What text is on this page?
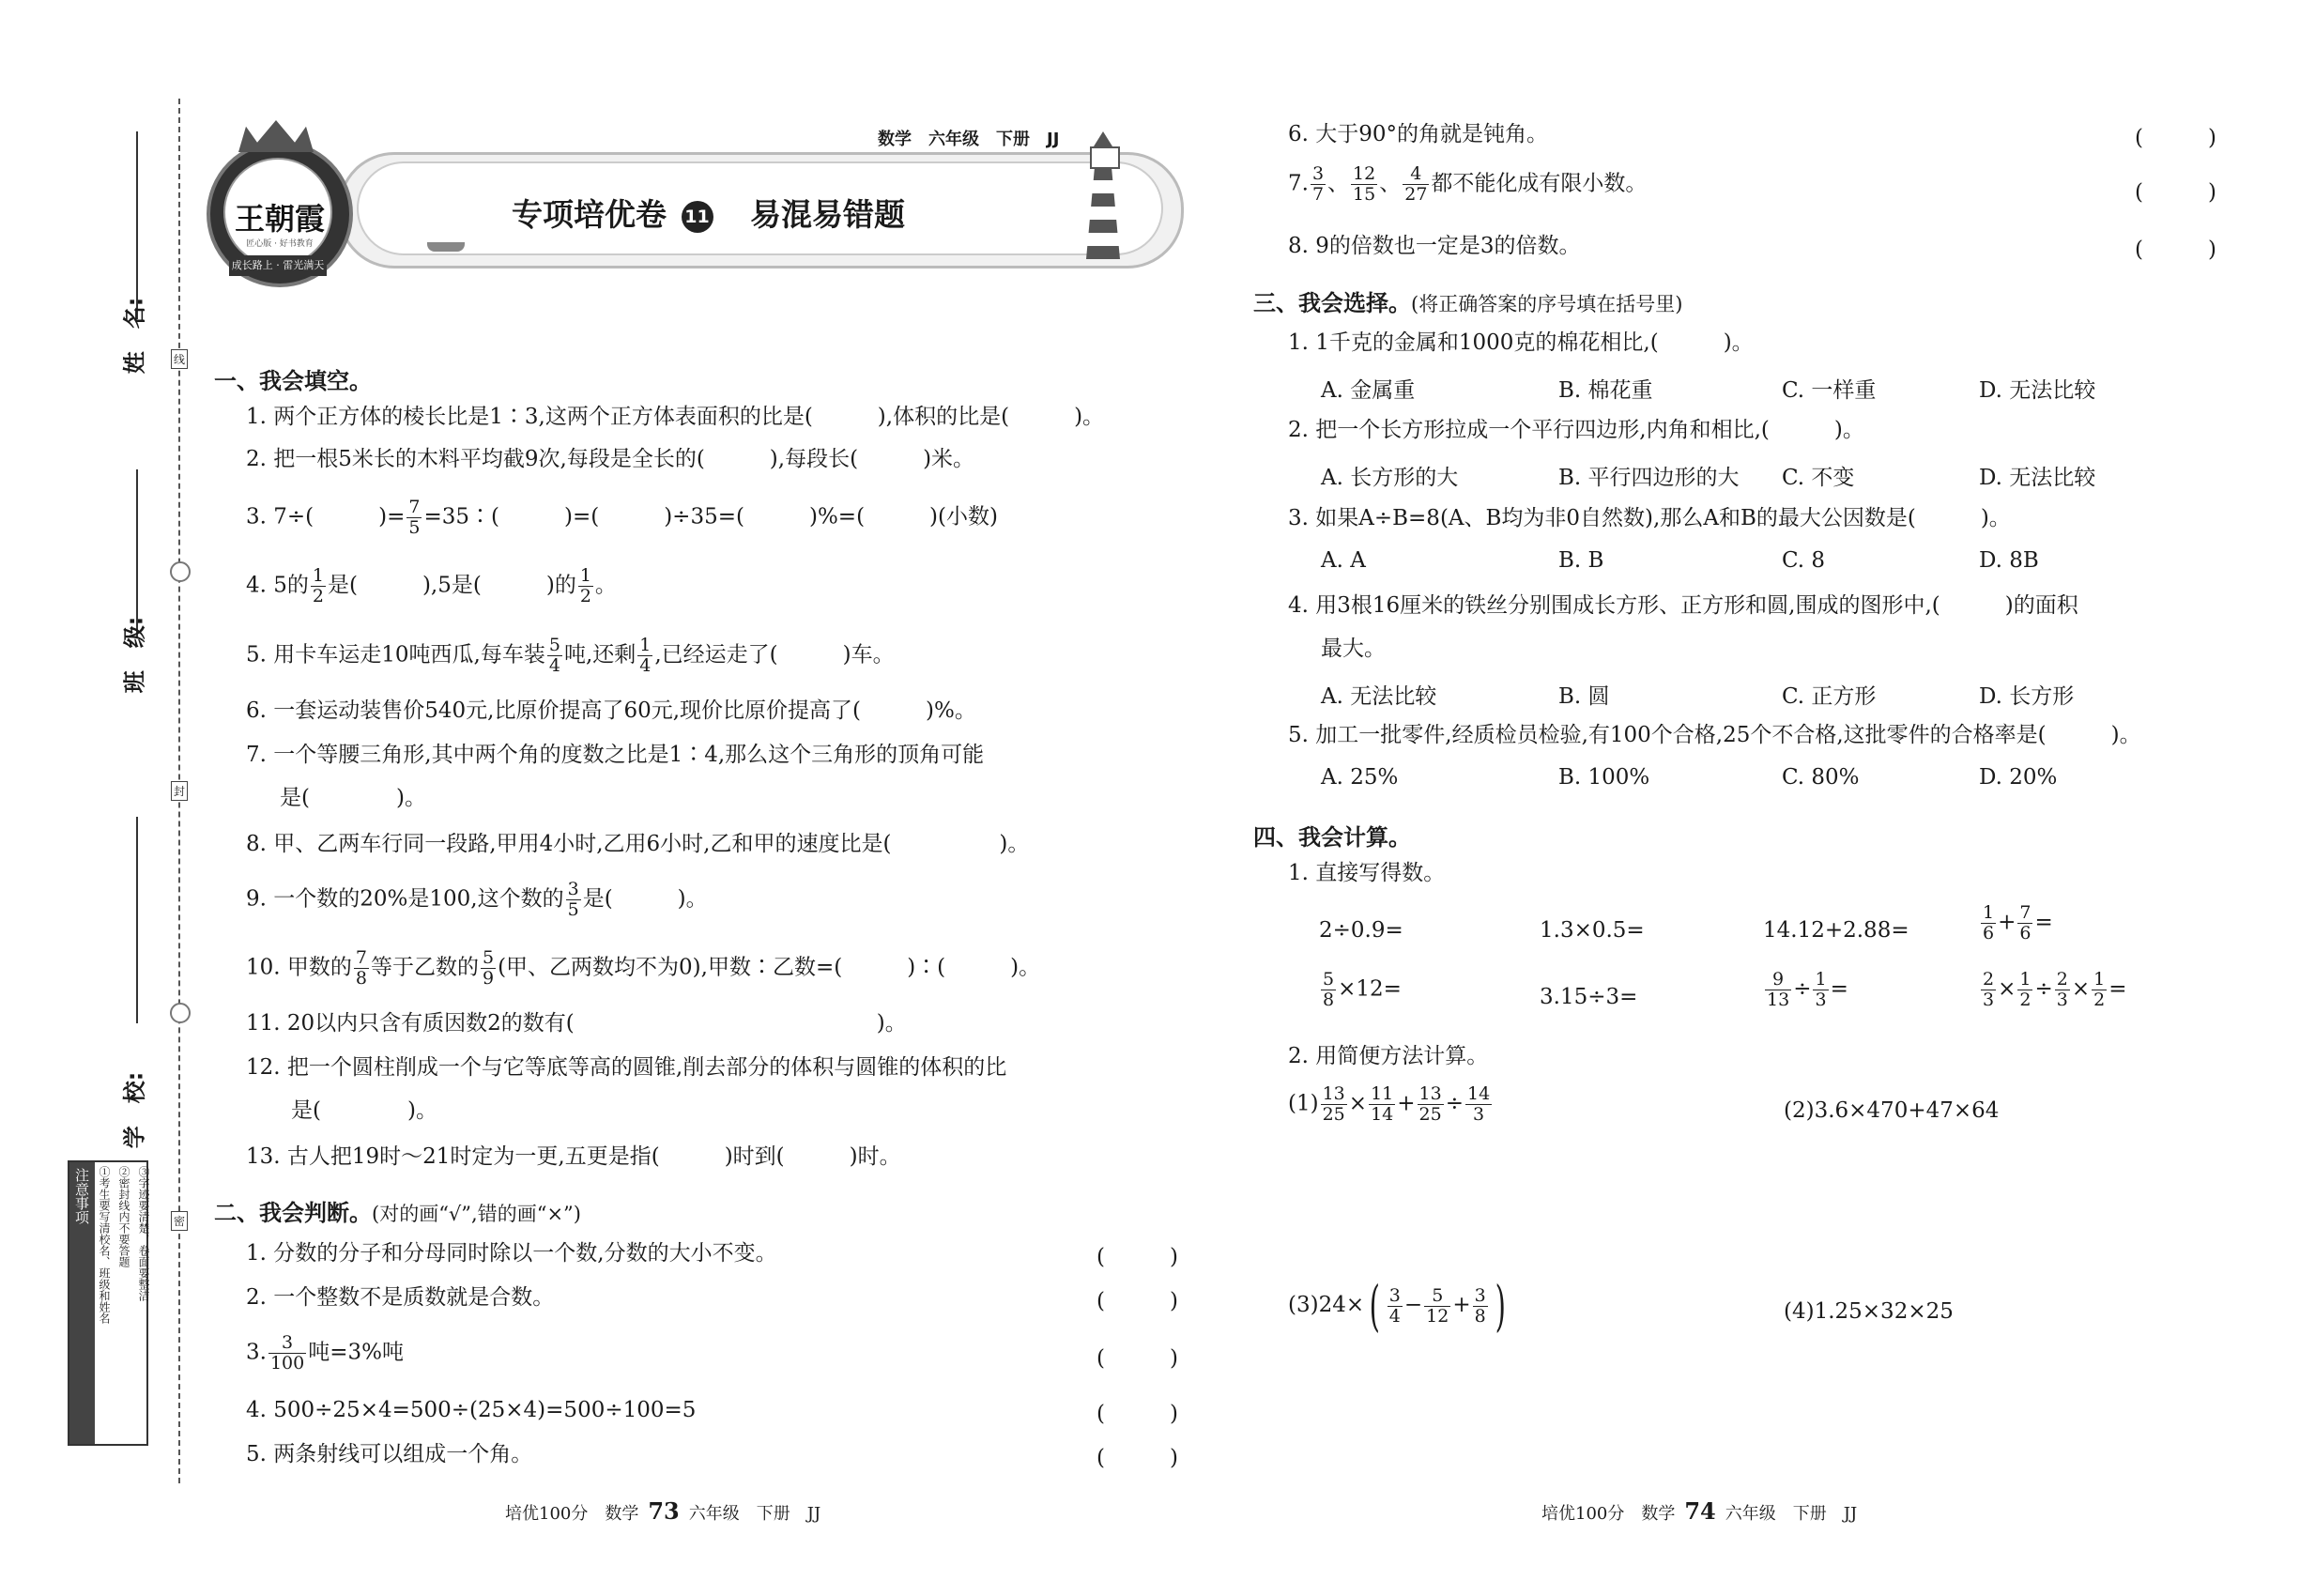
姓　名:
班　级:
学　校:
线
封
密
注意事项 ①考生要写清校名、班级和姓名 ②密封线内不要答题 ③字迹要清楚，卷面要整洁
王朝霞
匠心版 · 好书教育
成长路上 · 雷光满天
数学　六年级　下册　JJ
专项培优卷 11 易混易错题
一、我会填空。
1. 两个正方体的棱长比是1∶3,这两个正方体表面积的比是(　　　),体积的比是(　　　)。
2. 把一根5米长的木料平均截9次,每段是全长的(　　　),每段长(　　　)米。
3. 7÷(　　　)= $\frac{7}{5}$ =35∶(　　　)=(　　　)÷35=(　　　)%=(　　　)(小数)
4. 5的 $\frac{1}{2}$ 是(　　　),5是(　　　)的 $\frac{1}{2}$ 。
5. 用卡车运走10吨西瓜,每车装 $\frac{5}{4}$ 吨,还剩 $\frac{1}{4}$ ,已经运走了(　　　)车。
6. 一套运动装售价540元,比原价提高了60元,现价比原价提高了(　　　)%。
7. 一个等腰三角形,其中两个角的度数之比是1∶4,那么这个三角形的顶角可能
是(　　　　)。
8. 甲、乙两车行同一段路,甲用4小时,乙用6小时,乙和甲的速度比是(　　　　　)。
9. 一个数的20%是100,这个数的 $\frac{3}{5}$ 是(　　　)。
10. 甲数的 $\frac{7}{8}$ 等于乙数的 $\frac{5}{9}$ (甲、乙两数均不为0),甲数∶乙数=(　　　)∶(　　　)。
11. 20以内只含有质因数2的数有(　　　　　　　　　　　　　　)。
12. 把一个圆柱削成一个与它等底等高的圆锥,削去部分的体积与圆锥的体积的比
是(　　　　)。
13. 古人把19时～21时定为一更,五更是指(　　　)时到(　　　)时。
二、我会判断。(对的画“√”,错的画“×”)
1. 分数的分子和分母同时除以一个数,分数的大小不变。	(　　　)
2. 一个整数不是质数就是合数。	(　　　)
3. $\frac{3}{100}$ 吨=3%吨	(　　　)
4. 500÷25×4=500÷(25×4)=500÷100=5	(　　　)
5. 两条射线可以组成一个角。	(　　　)
培优100分　数学 73 六年级　下册　JJ
6. 大于90°的角就是钝角。	(　　　)
7. $\frac{3}{7}$ 、 $\frac{12}{15}$ 、 $\frac{4}{27}$ 都不能化成有限小数。	(　　　)
8. 9的倍数也一定是3的倍数。	(　　　)
三、我会选择。(将正确答案的序号填在括号里)
1. 1千克的金属和1000克的棉花相比,(　　　)。
A. 金属重	B. 棉花重	C. 一样重	D. 无法比较
2. 把一个长方形拉成一个平行四边形,内角和相比,(　　　)。
A. 长方形的大	B. 平行四边形的大 C. 不变	D. 无法比较
3. 如果A÷B=8(A、B均为非0自然数),那么A和B的最大公因数是(　　　)。
A. A	B. B	C. 8	D. 8B
4. 用3根16厘米的铁丝分别围成长方形、正方形和圆,围成的图形中,(　　　)的面积
最大。
A. 无法比较	B. 圆	C. 正方形	D. 长方形
5. 加工一批零件,经质检员检验,有100个合格,25个不合格,这批零件的合格率是(　　　)。
A. 25%	B. 100%	C. 80%	D. 20%
四、我会计算。
1. 直接写得数。
2÷0.9=	1.3×0.5=	14.12+2.88=	$\frac{1}{6} + \frac{7}{6}$ =
$\frac{5}{8} \times 12=$	3.15÷3=	$\frac{9}{13} \div \frac{1}{3}$ =	$\frac{2}{3} \times \frac{1}{2} \div \frac{2}{3} \times \frac{1}{2}$ =
2. 用简便方法计算。
$(1) \frac{13}{25} \times \frac{11}{14} + \frac{13}{25} \div \frac{14}{3}$	(2)3.6×470+47×64
$(3)24\times( \frac{3}{4} - \frac{5}{12} + \frac{3}{8}$ )	(4)1.25×32×25
培优100分　数学 74 六年级　下册　JJ
